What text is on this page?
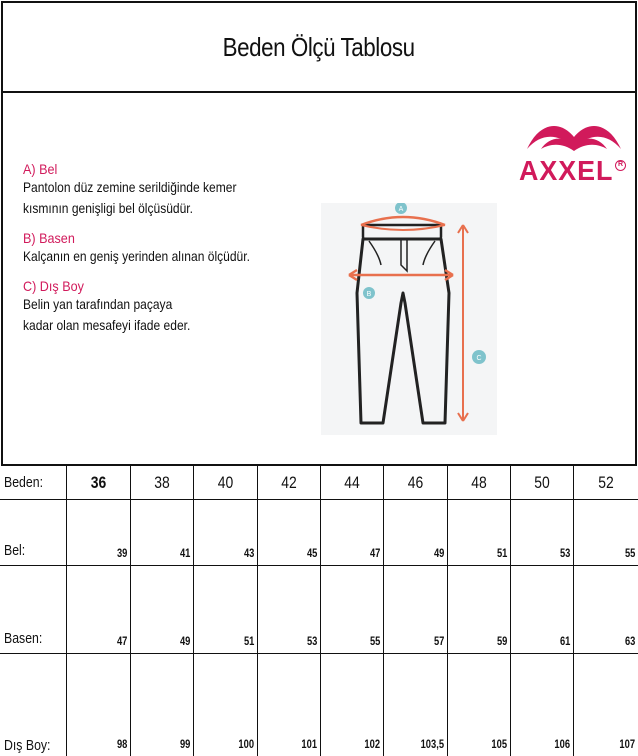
Beden Ölçü Tablosu
A) Bel
Pantolon düz zemine serildiğinde kemer
kısmının genişligi bel ölçüsüdür.
B) Basen
Kalçanın en geniş yerinden alınan ölçüdür.
C) Dış Boy
Belin yan tarafından paçaya
kadar olan mesafeyi ifade eder.
AXXEL R
A
B
C
Beden:	36	38	40	42	44	46	48	50	52
Bel:	39	41	43	45	47	49	51	53	55
Basen:	47	49	51	53	55	57	59	61	63
Dış Boy:	98	99	100	101	102	103,5	105	106	107
